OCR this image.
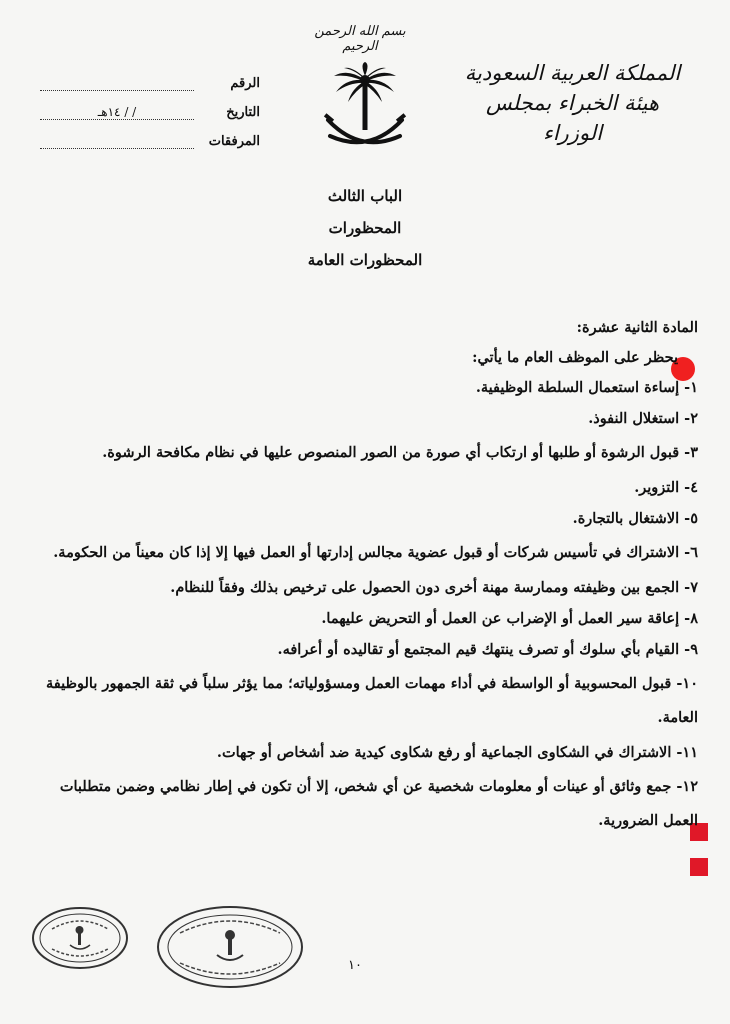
بسم الله الرحمن الرحيم
المملكة العربية السعودية
هيئة الخبراء بمجلس الوزراء
الرقم
التاريخ
/ / ١٤هـ
المرفقات
الباب الثالث
المحظورات
المحظورات العامة

المادة الثانية عشرة:

يحظر على الموظف العام ما يأتي:

١- إساءة استعمال السلطة الوظيفية.

٢- استغلال النفوذ.

٣- قبول الرشوة أو طلبها أو ارتكاب أي صورة من الصور المنصوص عليها في نظام مكافحة الرشوة.

٤- التزوير.

٥- الاشتغال بالتجارة.

٦- الاشتراك في تأسيس شركات أو قبول عضوية مجالس إدارتها أو العمل فيها إلا إذا كان معيناً من الحكومة.

٧- الجمع بين وظيفته وممارسة مهنة أخرى دون الحصول على ترخيص بذلك وفقاً للنظام.

٨- إعاقة سير العمل أو الإضراب عن العمل أو التحريض عليهما.

٩- القيام بأي سلوك أو تصرف ينتهك قيم المجتمع أو تقاليده أو أعرافه.

١٠- قبول المحسوبية أو الواسطة في أداء مهمات العمل ومسؤولياته؛ مما يؤثر سلباً في ثقة الجمهور بالوظيفة العامة.

١١- الاشتراك في الشكاوى الجماعية أو رفع شكاوى كيدية ضد أشخاص أو جهات.

١٢- جمع وثائق أو عينات أو معلومات شخصية عن أي شخص، إلا أن تكون في إطار نظامي وضمن متطلبات العمل الضرورية.

١٠
